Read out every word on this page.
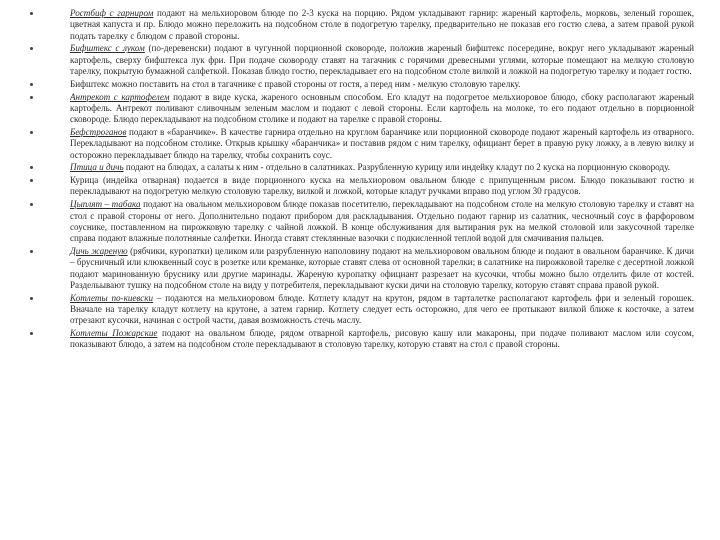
Ростбиф с гарниром подают на мельхиоровом блюде по 2-3 куска на порцию. Рядом укладывают гарнир: жареный картофель, морковь, зеленый горошек, цветная капуста и пр. Блюдо можно переложить на подсобном столе в подогретую тарелку, предварительно не показав его гостю слева, а затем правой рукой подать тарелку с блюдом с правой стороны.
Бифштекс с луком (по-деревенски) подают в чугунной порционной сковороде, положив жареный бифштекс посередине, вокруг него укладывают жареный картофель, сверху бифштекса лук фри. При подаче сковороду ставят на тагачник с горячими древесными углями, которые помещают на мелкую столовую тарелку, покрытую бумажной салфеткой. Показав блюдо гостю, перекладывает его на подсобном столе вилкой и ложкой на подогретую тарелку и подает гостю.
Бифштекс можно поставить на стол в тагачнике с правой стороны от гостя, а перед ним - мелкую столовую тарелку.
Антрекот с картофелем подают в виде куска, жареного основным способом. Его кладут на подогретое мельхиоровое блюдо, сбоку располагают жареный картофель. Антрекот поливают сливочным зеленым маслом и подают с левой стороны. Если картофель на молоке, то его подают отдельно в порционной сковороде. Блюдо перекладывают на подсобном столике и подают на тарелке с правой стороны.
Бефстроганов подают в «баранчике». В качестве гарнира отдельно на круглом баранчике или порционной сковороде подают жареный картофель из отварного. Перекладывают на подсобном столике. Открыв крышку «баранчика» и поставив рядом с ним тарелку, официант берет в правую руку ложку, а в левую вилку и осторожно перекладывает блюдо на тарелку, чтобы сохранить соус.
Птица и дичь подают на блюдах, а салаты к ним - отдельно в салатниках. Разрубленную курицу или индейку кладут по 2 куска на порционную сковороду.
Курица (индейка отварная) подается в виде порционного куска на мельхиоровом овальном блюде с припущенным рисом. Блюдо показывают гостю и перекладывают на подогретую мелкую столовую тарелку, вилкой и ложкой, которые кладут ручками вправо под углом 30 градусов.
Цыплят – табака подают на овальном мельхиоровом блюде показав посетителю, перекладывают на подсобном столе на мелкую столовую тарелку и ставят на стол с правой стороны от него. Дополнительно подают прибором для раскладывания. Отдельно подают гарнир из салатник, чесночный соус в фарфоровом соуснике, поставленном на пирожковую тарелку с чайной ложкой. В конце обслуживания для вытирания рук на мелкой столовой или закусочной тарелке справа подают влажные полотняные салфетки. Иногда ставят стеклянные вазочки с подкисленной теплой водой для смачивания пальцев.
Дичь жареную (рябчики, куропатки) целиком или разрубленную наполовину подают на мельхиоровом овальном блюде и подают в овальном баранчике. К дичи – брусничный или клюквенный соус в розетке или креманке, которые ставят слева от основной тарелки; в салатнике на пирожковой тарелке с десертной ложкой подают маринованную бруснику или другие маринады. Жареную куропатку официант разрезает на кусочки, чтобы можно было отделить филе от костей. Раздельывают тушку на подсобном столе на виду у потребителя, перекладывают куски дичи на столовую тарелку, которую ставят справа правой рукой.
Котлеты по-киевски – подаются на мельхиоровом блюде. Котлету кладут на крутон, рядом в тарталетке располагают картофель фри и зеленый горошек. Вначале на тарелку кладут котлету на крутоне, а затем гарнир. Котлету следует есть осторожно, для чего ее протыкают вилкой ближе к косточке, а затем отрезают кусочки, начиная с острой части, давая возможность стечь маслу.
Котлеты Пожарские подают на овальном блюде, рядом отварной картофель, рисовую кашу или макароны, при подаче поливают маслом или соусом, показывают блюдо, а затем на подсобном столе перекладывают в столовую тарелку, которую ставят на стол с правой стороны.
